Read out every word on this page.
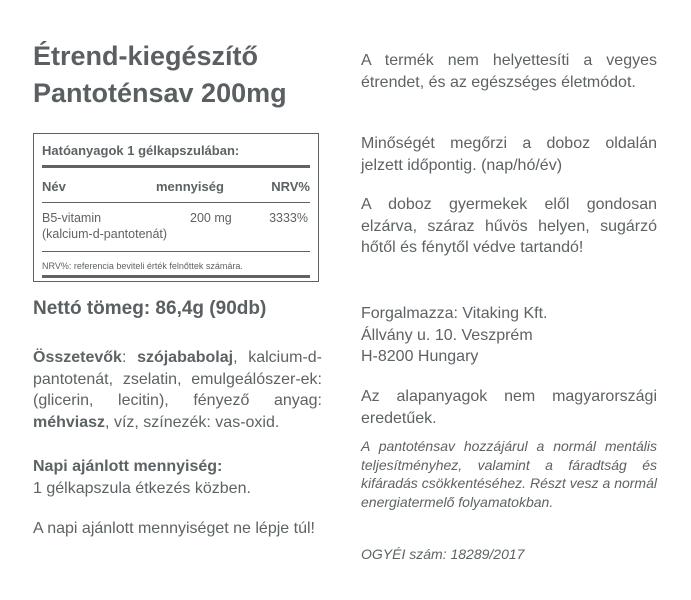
Étrend-kiegészítő
Pantoténsav 200mg
Hatóanyagok 1 gélkapszulában:
Név	mennyiség	NRV%
B5-vitamin
(kalcium-d-pantotenát)
200 mg	3333%
NRV%: referencia beviteli érték felnőttek számára.
Nettó tömeg: 86,4g (90db)
Összetevők: szójababolaj, kalcium-d-pantotenát, zselatin, emulgeálószer-ek: (glicerin, lecitin), fényező anyag: méhviasz, víz, színezék: vas-oxid.
Napi ajánlott mennyiség:
1 gélkapszula étkezés közben.
A napi ajánlott mennyiséget ne lépje túl!
A termék nem helyettesíti a vegyes étrendet, és az egészséges életmódot.
Minőségét megőrzi a doboz oldalán jelzett időpontig. (nap/hó/év)
A doboz gyermekek elől gondosan elzárva, száraz hűvös helyen, sugárzó hőtől és fénytől védve tartandó!
Forgalmazza: Vitaking Kft.
Állvány u. 10. Veszprém
H-8200 Hungary
Az alapanyagok nem magyarországi eredetűek.
A pantoténsav hozzájárul a normál mentális teljesítményhez, valamint a fáradtság és kifáradás csökkentéséhez. Részt vesz a normál energiatermelő folyamatokban.
OGYÉI szám: 18289/2017
